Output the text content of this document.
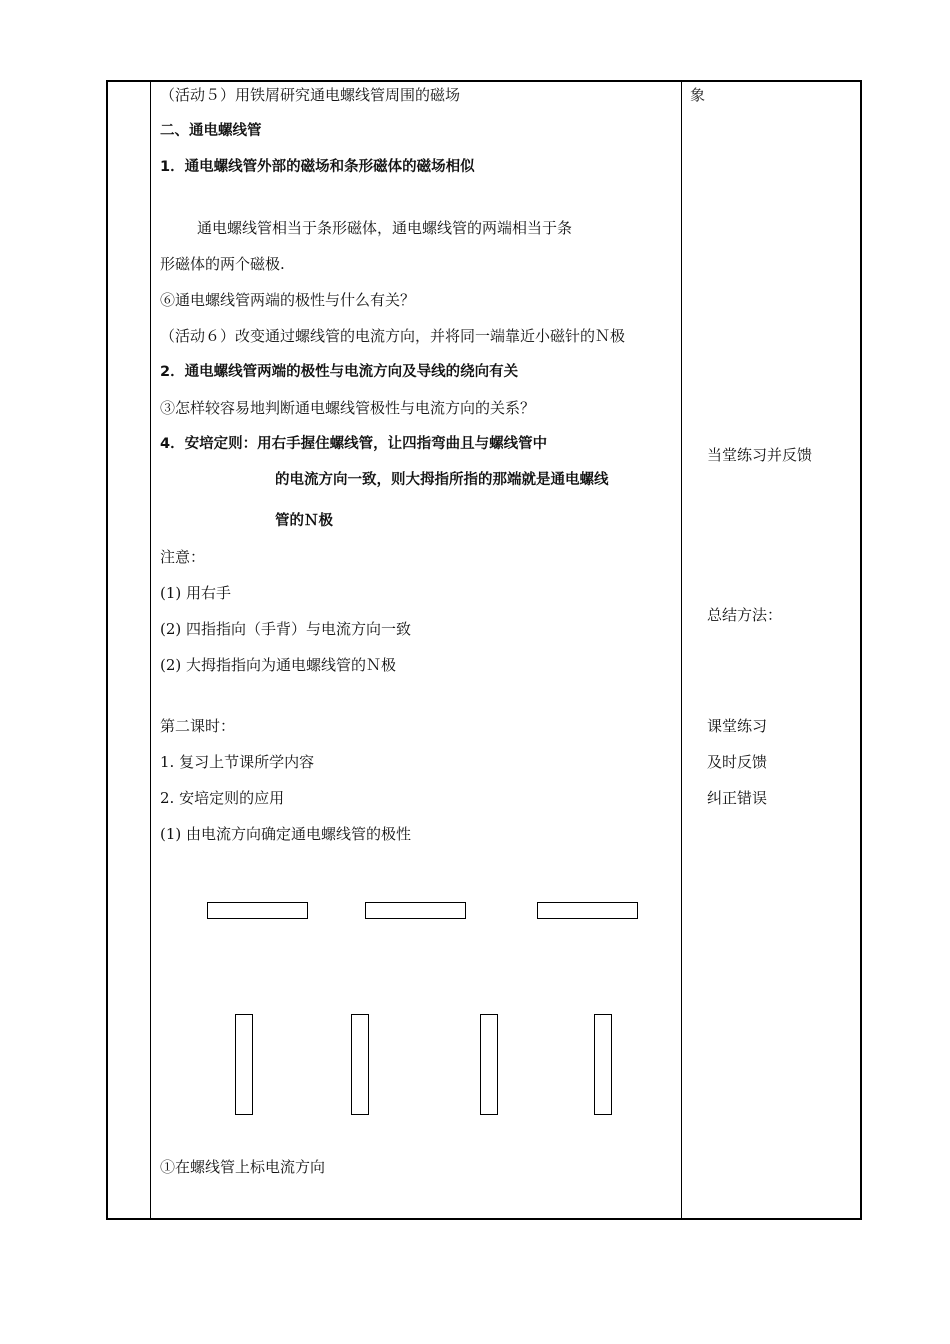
（活动５）用铁屑研究通电螺线管周围的磁场
二、通电螺线管
1．通电螺线管外部的磁场和条形磁体的磁场相似
通电螺线管相当于条形磁体，通电螺线管的两端相当于条
形磁体的两个磁极.
⑥通电螺线管两端的极性与什么有关？
（活动６）改变通过螺线管的电流方向，并将同一端靠近小磁针的Ｎ极
2．通电螺线管两端的极性与电流方向及导线的绕向有关
③怎样较容易地判断通电螺线管极性与电流方向的关系？
4．安培定则：用右手握住螺线管，让四指弯曲且与螺线管中
的电流方向一致，则大拇指所指的那端就是通电螺线
管的Ｎ极
注意：
(1) 用右手
(2) 四指指向（手背）与电流方向一致
(2) 大拇指指向为通电螺线管的Ｎ极
第二课时：
1. 复习上节课所学内容
2. 安培定则的应用
(1) 由电流方向确定通电螺线管的极性
①在螺线管上标电流方向
象
当堂练习并反馈
总结方法：
课堂练习
及时反馈
纠正错误
